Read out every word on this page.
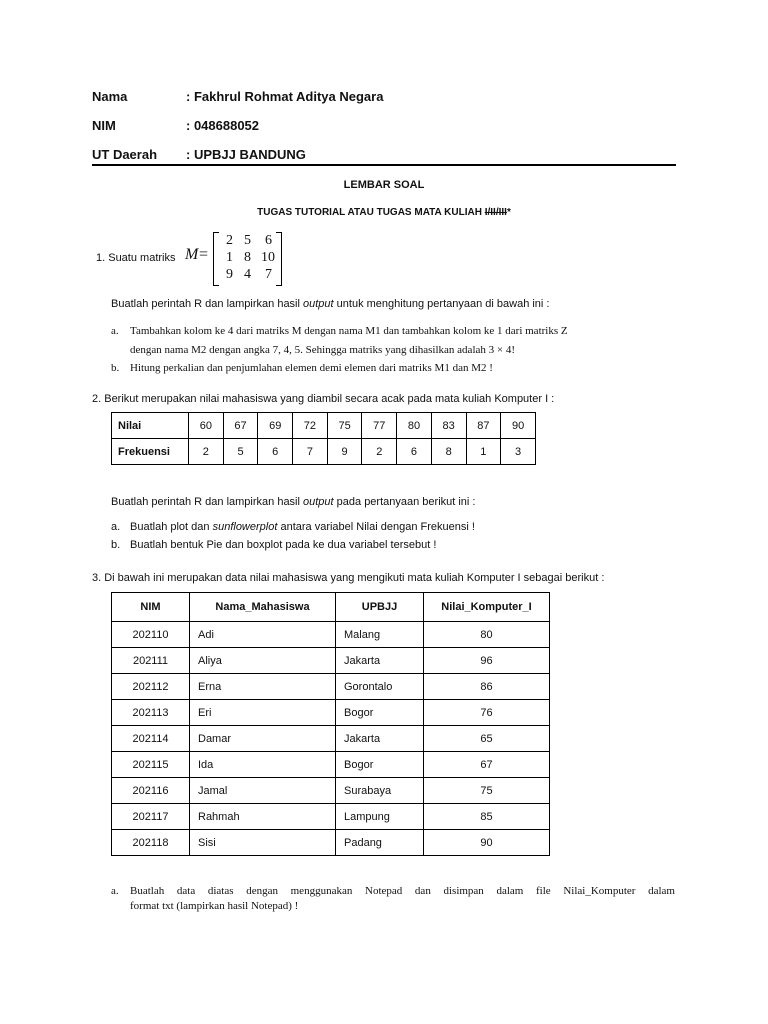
Nama	: Fakhrul Rohmat Aditya Negara
NIM	: 048688052
UT Daerah : UPBJJ BANDUNG
LEMBAR SOAL
TUGAS TUTORIAL ATAU TUGAS MATA KULIAH I/II/III*
1. Suatu matriks M =
2 5	6
1 8 10
9 4	7
Buatlah perintah R dan lampirkan hasil output untuk menghitung pertanyaan di bawah ini :
a. Tambahkan kolom ke 4 dari matriks M dengan nama M1 dan tambahkan kolom ke 1 dari matriks Z
dengan nama M2 dengan angka 7, 4, 5. Sehingga matriks yang dihasilkan adalah 3 × 4!
b. Hitung perkalian dan penjumlahan elemen demi elemen dari matriks M1 dan M2 !
2. Berikut merupakan nilai mahasiswa yang diambil secara acak pada mata kuliah Komputer I :
Nilai	60	67	69	72	75	77	80	83	87	90
Frekuensi	2	5	6	7	9	2	6	8	1	3
Buatlah perintah R dan lampirkan hasil output pada pertanyaan berikut ini :
a. Buatlah plot dan sunflowerplot antara variabel Nilai dengan Frekuensi !
b. Buatlah bentuk Pie dan boxplot pada ke dua variabel tersebut !
3. Di bawah ini merupakan data nilai mahasiswa yang mengikuti mata kuliah Komputer I sebagai berikut :
NIM	Nama_Mahasiswa	UPBJJ	Nilai_Komputer_I
202110	Adi	Malang	80
202111	Aliya	Jakarta	96
202112	Erna	Gorontalo	86
202113	Eri	Bogor	76
202114	Damar	Jakarta	65
202115	Ida	Bogor	67
202116	Jamal	Surabaya	75
202117	Rahmah	Lampung	85
202118	Sisi	Padang	90
a. Buatlah data diatas dengan menggunakan Notepad dan disimpan dalam file Nilai_Komputer dalam
format txt (lampirkan hasil Notepad) !
